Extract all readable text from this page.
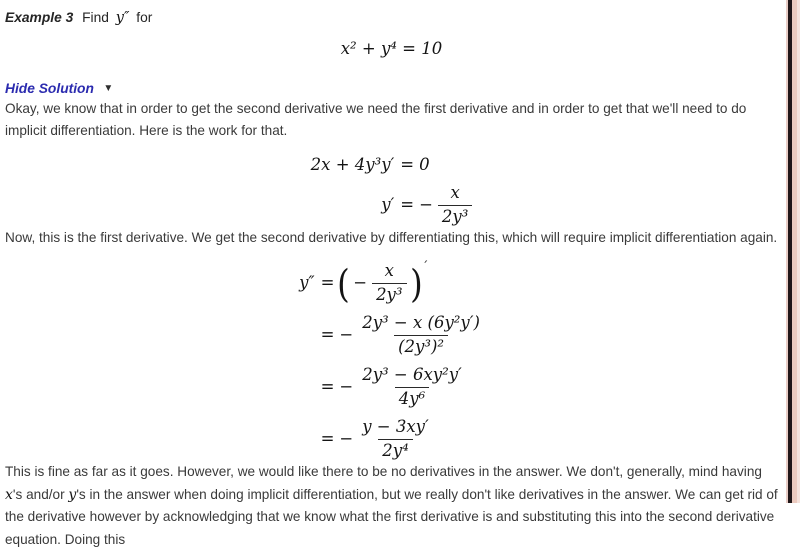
Example 3 Find y″ for

x² + y⁴ = 10
Hide Solution ▼

Okay, we know that in order to get the second derivative we need the first derivative and in order to get that we'll need to do implicit differentiation. Here is the work for that.

2x + 4y³y′ = 0
y′ = − $\frac{x}{\text{2y³}}$

Now, this is the first derivative. We get the second derivative by differentiating this, which will require implicit differentiation again.

y″ = ( − $\frac{x}{\text{2y³}}$ ) ′
= − $\frac{\text{2y³ − x (6y²y′)}}{\text{(2y³)²}}$
= − $\frac{\text{2y³ − 6xy²y′}}{\text{4y⁶}}$
= − $\frac{y - 3xy'}{\text{2y⁴}}$

This is fine as far as it goes. However, we would like there to be no derivatives in the answer. We don't, generally, mind having x's and/or y's in the answer when doing implicit differentiation, but we really don't like derivatives in the answer. We can get rid of the derivative however by acknowledging that we know what the first derivative is and substituting this into the second derivative equation. Doing this
